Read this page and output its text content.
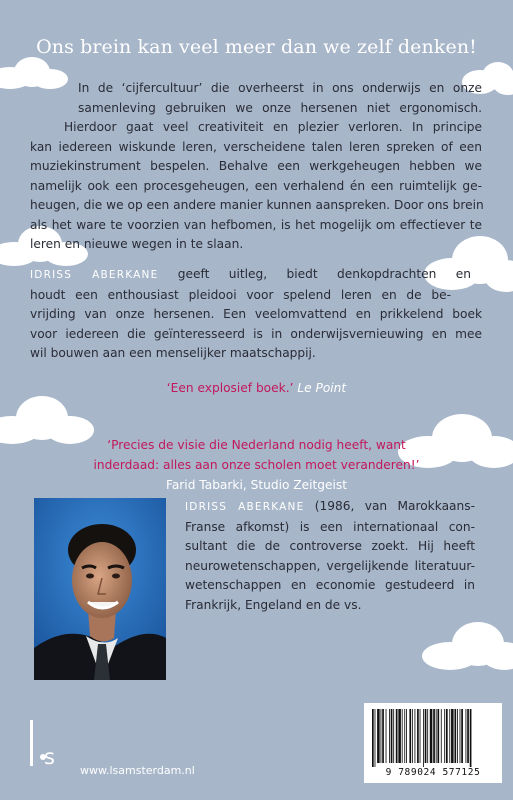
Ons brein kan veel meer dan we zelf denken!
In de ‘cijfercultuur’ die overheerst in ons onderwijs en onze
samenleving gebruiken we onze hersenen niet ergonomisch.
Hierdoor gaat veel creativiteit en plezier verloren. In principe
kan iedereen wiskunde leren, verscheidene talen leren spreken of een
muziekinstrument bespelen. Behalve een werkgeheugen hebben we
namelijk ook een procesgeheugen, een verhalend én een ruimtelijk ge-
heugen, die we op een andere manier kunnen aanspreken. Door ons brein
als het ware te voorzien van hefbomen, is het mogelijk om effectiever te
leren en nieuwe wegen in te slaan.
IDRISS ABERKANE geeft uitleg, biedt denkopdrachten en
houdt een enthousiast pleidooi voor spelend leren en de be-
vrijding van onze hersenen. Een veelomvattend en prikkelend boek
voor iedereen die geïnteresseerd is in onderwijsvernieuwing en mee
wil bouwen aan een menselijker maatschappij.
‘Een explosief boek.’ Le Point
‘Precies de visie die Nederland nodig heeft, want
inderdaad: alles aan onze scholen moet veranderen!’
Farid Tabarki, Studio Zeitgeist
IDRISS ABERKANE (1986, van Marokkaans-
Franse afkomst) is een internationaal con-
sultant die de controverse zoekt. Hij heeft
neurowetenschappen, vergelijkende literatuur-
wetenschappen en economie gestudeerd in
Frankrijk, Engeland en de vs.
s
www.lsamsterdam.nl	9 789024 577125
